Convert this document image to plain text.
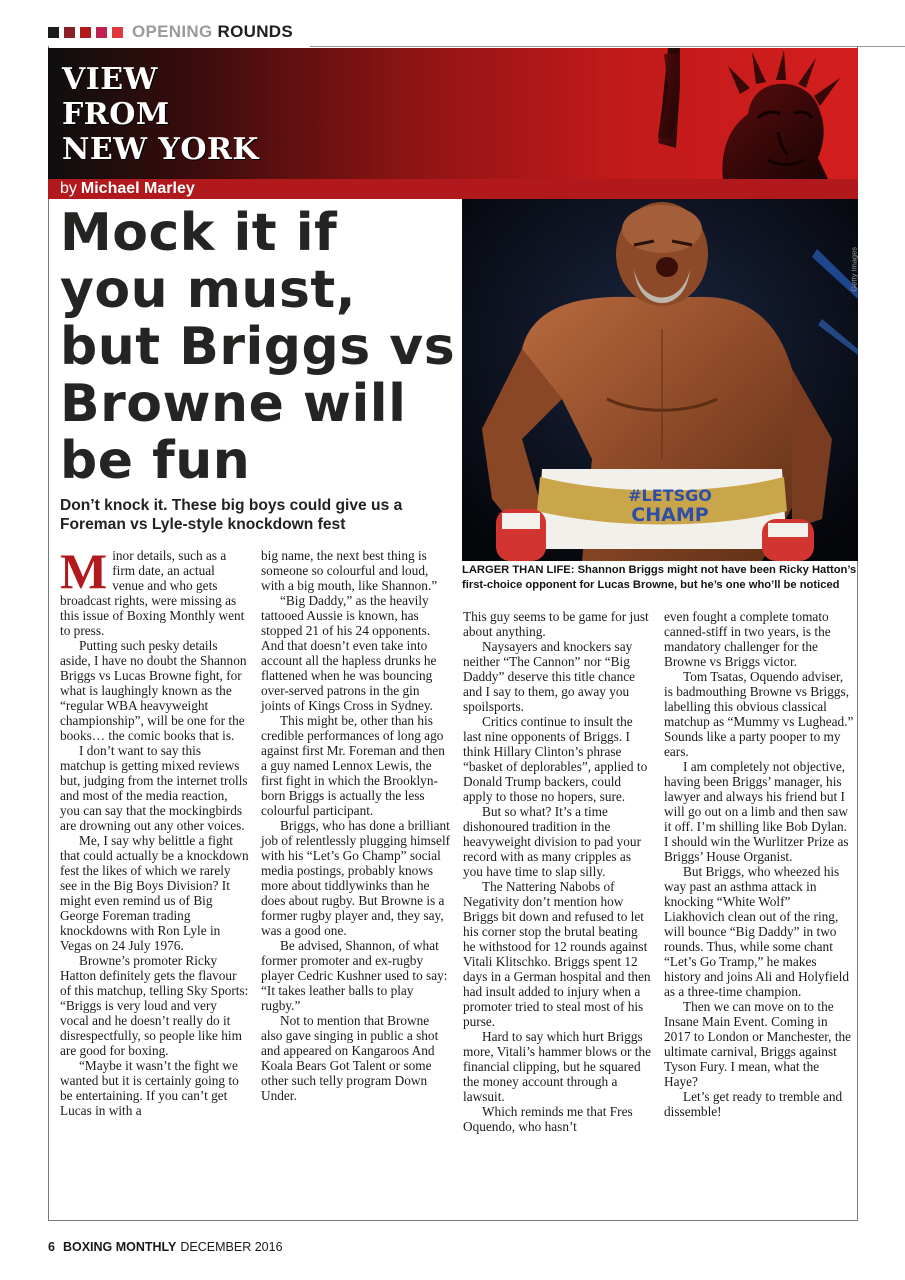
OPENING ROUNDS
VIEW
FROM
NEW YORK
by Michael Marley
Mock it if you must, but Briggs vs Browne will be fun
Don’t knock it. These big boys could give us a Foreman vs Lyle-style knockdown fest
#LETSGO
CHAMP
Getty Images
LARGER THAN LIFE: Shannon Briggs might not have been Ricky Hatton’s first-choice opponent for Lucas Browne, but he’s one who’ll be noticed

Minor details, such as a firm date, an actual venue and who gets broadcast rights, were missing as this issue of Boxing Monthly went to press.

Putting such pesky details aside, I have no doubt the Shannon Briggs vs Lucas Browne fight, for what is laughingly known as the “regular WBA heavyweight championship”, will be one for the books… the comic books that is.

I don’t want to say this matchup is getting mixed reviews but, judging from the internet trolls and most of the media reaction, you can say that the mockingbirds are drowning out any other voices.

Me, I say why belittle a fight that could actually be a knockdown fest the likes of which we rarely see in the Big Boys Division? It might even remind us of Big George Foreman trading knockdowns with Ron Lyle in Vegas on 24 July 1976.

Browne’s promoter Ricky Hatton definitely gets the flavour of this matchup, telling Sky Sports: “Briggs is very loud and very vocal and he doesn’t really do it disrespectfully, so people like him are good for boxing.

“Maybe it wasn’t the fight we wanted but it is certainly going to be entertaining. If you can’t get Lucas in with a

big name, the next best thing is someone so colourful and loud, with a big mouth, like Shannon.”

“Big Daddy,” as the heavily tattooed Aussie is known, has stopped 21 of his 24 opponents. And that doesn’t even take into account all the hapless drunks he flattened when he was bouncing over-served patrons in the gin joints of Kings Cross in Sydney.

This might be, other than his credible performances of long ago against first Mr. Foreman and then a guy named Lennox Lewis, the first fight in which the Brooklyn-born Briggs is actually the less colourful participant.

Briggs, who has done a brilliant job of relentlessly plugging himself with his “Let’s Go Champ” social media postings, probably knows more about tiddlywinks than he does about rugby. But Browne is a former rugby player and, they say, was a good one.

Be advised, Shannon, of what former promoter and ex-rugby player Cedric Kushner used to say: “It takes leather balls to play rugby.”

Not to mention that Browne also gave singing in public a shot and appeared on Kangaroos And Koala Bears Got Talent or some other such telly program Down Under.

This guy seems to be game for just about anything.

Naysayers and knockers say neither “The Cannon” nor “Big Daddy” deserve this title chance and I say to them, go away you spoilsports.

Critics continue to insult the last nine opponents of Briggs. I think Hillary Clinton’s phrase “basket of deplorables”, applied to Donald Trump backers, could apply to those no hopers, sure.

But so what? It’s a time dishonoured tradition in the heavyweight division to pad your record with as many cripples as you have time to slap silly.

The Nattering Nabobs of Negativity don’t mention how Briggs bit down and refused to let his corner stop the brutal beating he withstood for 12 rounds against Vitali Klitschko. Briggs spent 12 days in a German hospital and then had insult added to injury when a promoter tried to steal most of his purse.

Hard to say which hurt Briggs more, Vitali’s hammer blows or the financial clipping, but he squared the money account through a lawsuit.

Which reminds me that Fres Oquendo, who hasn’t

even fought a complete tomato canned-stiff in two years, is the mandatory challenger for the Browne vs Briggs victor.

Tom Tsatas, Oquendo adviser, is badmouthing Browne vs Briggs, labelling this obvious classical matchup as “Mummy vs Lughead.” Sounds like a party pooper to my ears.

I am completely not objective, having been Briggs’ manager, his lawyer and always his friend but I will go out on a limb and then saw it off. I’m shilling like Bob Dylan. I should win the Wurlitzer Prize as Briggs’ House Organist.

But Briggs, who wheezed his way past an asthma attack in knocking “White Wolf” Liakhovich clean out of the ring, will bounce “Big Daddy” in two rounds. Thus, while some chant “Let’s Go Tramp,” he makes history and joins Ali and Holyfield as a three-time champion.

Then we can move on to the Insane Main Event. Coming in 2017 to London or Manchester, the ultimate carnival, Briggs against Tyson Fury. I mean, what the Haye?

Let’s get ready to tremble and dissemble!

6 BOXING MONTHLY DECEMBER 2016
